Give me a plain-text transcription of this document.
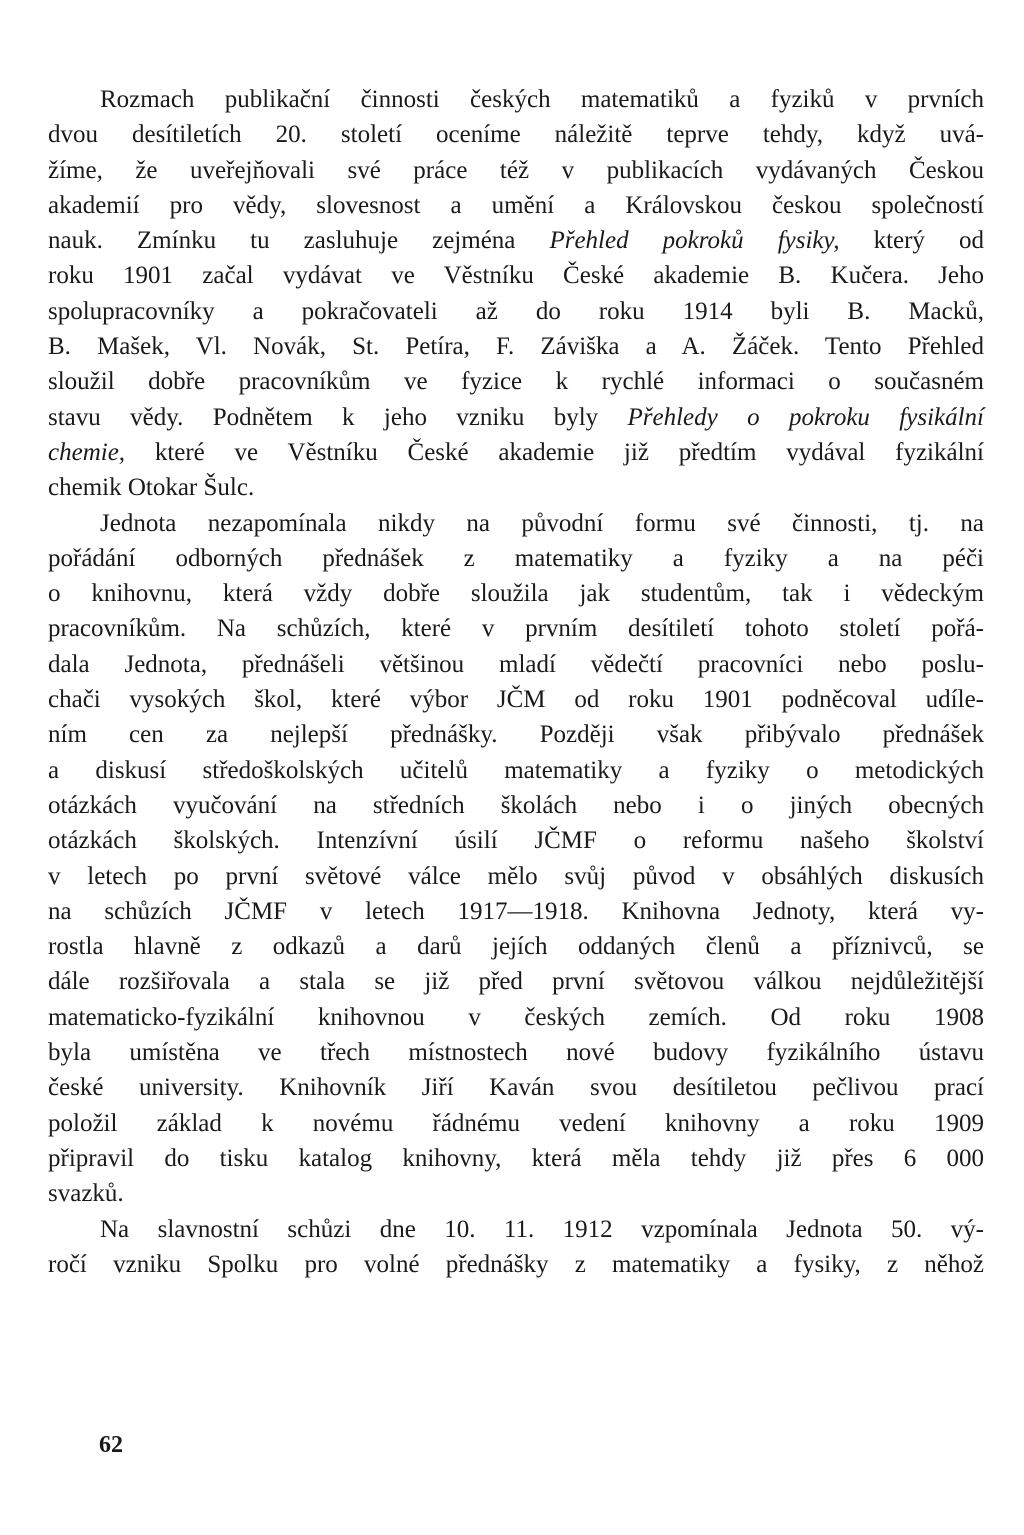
Rozmach publikační činnosti českých matematiků a fyziků v prvních
dvou desítiletích 20. století oceníme náležitě teprve tehdy, když uvá-
žíme, že uveřejňovali své práce též v publikacích vydávaných Českou
akademií pro vědy, slovesnost a umění a Královskou českou společností
nauk. Zmínku tu zasluhuje zejména Přehled pokroků fysiky, který od
roku 1901 začal vydávat ve Věstníku České akademie B. Kučera. Jeho
spolupracovníky a pokračovateli až do roku 1914 byli B. Macků,
B. Mašek, Vl. Novák, St. Petíra, F. Záviška a A. Žáček. Tento Přehled
sloužil dobře pracovníkům ve fyzice k rychlé informaci o současném
stavu vědy. Podnětem k jeho vzniku byly Přehledy o pokroku fysikální
chemie, které ve Věstníku České akademie již předtím vydával fyzikální
chemik Otokar Šulc.
Jednota nezapomínala nikdy na původní formu své činnosti, tj. na
pořádání odborných přednášek z matematiky a fyziky a na péči
o knihovnu, která vždy dobře sloužila jak studentům, tak i vědeckým
pracovníkům. Na schůzích, které v prvním desítiletí tohoto století pořá-
dala Jednota, přednášeli většinou mladí vědečtí pracovníci nebo poslu-
chači vysokých škol, které výbor JČM od roku 1901 podněcoval udíle-
ním cen za nejlepší přednášky. Později však přibývalo přednášek
a diskusí středoškolských učitelů matematiky a fyziky o metodických
otázkách vyučování na středních školách nebo i o jiných obecných
otázkách školských. Intenzívní úsilí JČMF o reformu našeho školství
v letech po první světové válce mělo svůj původ v obsáhlých diskusích
na schůzích JČMF v letech 1917—1918. Knihovna Jednoty, která vy-
rostla hlavně z odkazů a darů jejích oddaných členů a příznivců, se
dále rozšiřovala a stala se již před první světovou válkou nejdůležitější
matematicko-fyzikální knihovnou v českých zemích. Od roku 1908
byla umístěna ve třech místnostech nové budovy fyzikálního ústavu
české university. Knihovník Jiří Kaván svou desítiletou pečlivou prací
položil základ k novému řádnému vedení knihovny a roku 1909
připravil do tisku katalog knihovny, která měla tehdy již přes 6 000
svazků.
Na slavnostní schůzi dne 10. 11. 1912 vzpomínala Jednota 50. vý-
ročí vzniku Spolku pro volné přednášky z matematiky a fysiky, z něhož
62
